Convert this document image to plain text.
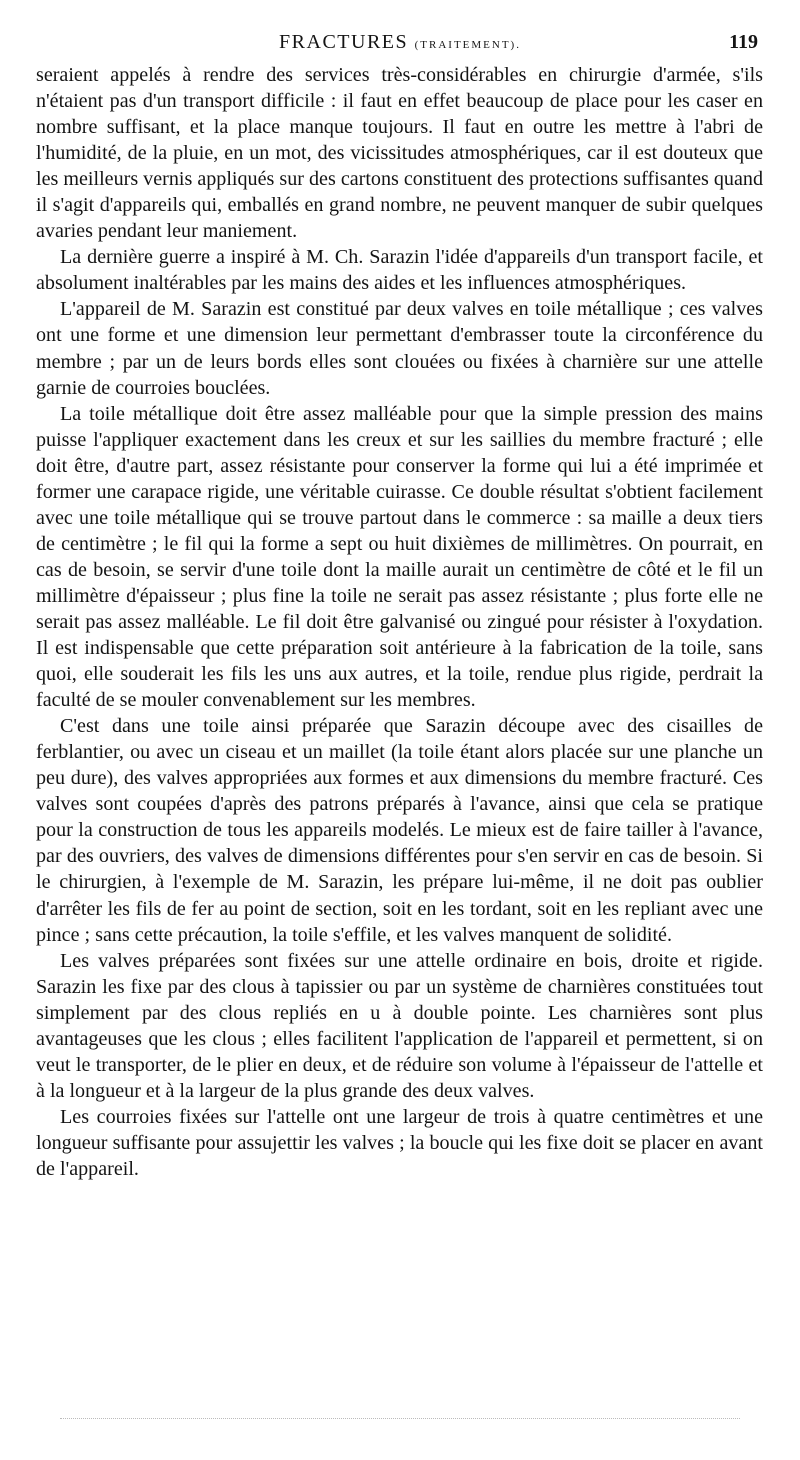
FRACTURES (TRAITEMENT).	119

seraient appelés à rendre des services très-considérables en chirurgie d'armée, s'ils n'étaient pas d'un transport difficile : il faut en effet beaucoup de place pour les caser en nombre suffisant, et la place manque toujours. Il faut en outre les mettre à l'abri de l'humidité, de la pluie, en un mot, des vicissitudes atmosphériques, car il est douteux que les meilleurs vernis appliqués sur des cartons constituent des protections suffisantes quand il s'agit d'appareils qui, emballés en grand nombre, ne peuvent manquer de subir quelques avaries pendant leur maniement.

La dernière guerre a inspiré à M. Ch. Sarazin l'idée d'appareils d'un transport facile, et absolument inaltérables par les mains des aides et les influences atmosphériques.

L'appareil de M. Sarazin est constitué par deux valves en toile métallique ; ces valves ont une forme et une dimension leur permettant d'embrasser toute la circonférence du membre ; par un de leurs bords elles sont clouées ou fixées à charnière sur une attelle garnie de courroies bouclées.

La toile métallique doit être assez malléable pour que la simple pression des mains puisse l'appliquer exactement dans les creux et sur les saillies du membre fracturé ; elle doit être, d'autre part, assez résistante pour conserver la forme qui lui a été imprimée et former une carapace rigide, une véritable cuirasse. Ce double résultat s'obtient facilement avec une toile métallique qui se trouve partout dans le commerce : sa maille a deux tiers de centimètre ; le fil qui la forme a sept ou huit dixièmes de millimètres. On pourrait, en cas de besoin, se servir d'une toile dont la maille aurait un centimètre de côté et le fil un millimètre d'épaisseur ; plus fine la toile ne serait pas assez résistante ; plus forte elle ne serait pas assez malléable. Le fil doit être galvanisé ou zingué pour résister à l'oxydation. Il est indispensable que cette préparation soit antérieure à la fabrication de la toile, sans quoi, elle souderait les fils les uns aux autres, et la toile, rendue plus rigide, perdrait la faculté de se mouler convenablement sur les membres.

C'est dans une toile ainsi préparée que Sarazin découpe avec des cisailles de ferblantier, ou avec un ciseau et un maillet (la toile étant alors placée sur une planche un peu dure), des valves appropriées aux formes et aux dimensions du membre fracturé. Ces valves sont coupées d'après des patrons préparés à l'avance, ainsi que cela se pratique pour la construction de tous les appareils modelés. Le mieux est de faire tailler à l'avance, par des ouvriers, des valves de dimensions différentes pour s'en servir en cas de besoin. Si le chirurgien, à l'exemple de M. Sarazin, les prépare lui-même, il ne doit pas oublier d'arrêter les fils de fer au point de section, soit en les tordant, soit en les repliant avec une pince ; sans cette précaution, la toile s'effile, et les valves manquent de solidité.

Les valves préparées sont fixées sur une attelle ordinaire en bois, droite et rigide. Sarazin les fixe par des clous à tapissier ou par un système de charnières constituées tout simplement par des clous repliés en u à double pointe. Les charnières sont plus avantageuses que les clous ; elles facilitent l'application de l'appareil et permettent, si on veut le transporter, de le plier en deux, et de réduire son volume à l'épaisseur de l'attelle et à la longueur et à la largeur de la plus grande des deux valves.

Les courroies fixées sur l'attelle ont une largeur de trois à quatre centimètres et une longueur suffisante pour assujettir les valves ; la boucle qui les fixe doit se placer en avant de l'appareil.
